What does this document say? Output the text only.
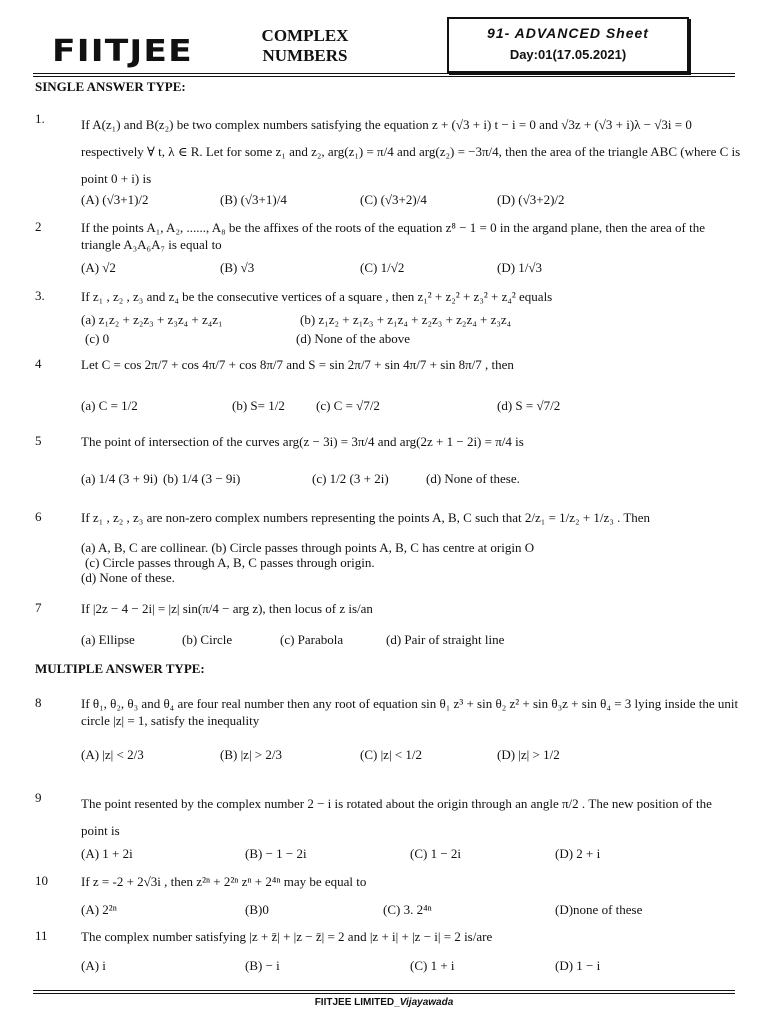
FIITJEE	COMPLEX
NUMBERS
91- ADVANCED Sheet
Day:01(17.05.2021)
SINGLE ANSWER TYPE:
1.	If A(z₁) and B(z₂) be two complex numbers satisfying the equation z + (√3 + i) t − i = 0 and √3z + (√3 + i)λ − √3i = 0 respectively ∀ t, λ ∈ R. Let for some z₁ and z₂, arg(z₁) = π/4 and arg(z₂) = −3π/4, then the area of the triangle ABC (where C is point 0 + i) is
(A) (√3+1)/2	(B) (√3+1)/4	(C) (√3+2)/4	(D) (√3+2)/2
2	If the points A₁, A₂, ......, A₈ be the affixes of the roots of the equation z⁸ − 1 = 0 in the argand plane, then the area of the triangle A₃A₆A₇ is equal to
(A) √2	(B) √3	(C) 1/√2	(D) 1/√3
3.	If z₁ , z₂ , z₃ and z₄ be the consecutive vertices of a square , then z₁² + z₂² + z₃² + z₄² equals
(a) z₁z₂ + z₂z₃ + z₃z₄ + z₄z₁	(b) z₁z₂ + z₁z₃ + z₁z₄ + z₂z₃ + z₂z₄ + z₃z₄
(c) 0	(d) None of the above
4	Let C = cos 2π/7 + cos 4π/7 + cos 8π/7 and S = sin 2π/7 + sin 4π/7 + sin 8π/7 , then
(a) C = 1/2	(b) S= 1/2 (c) C = √7/2	(d) S = √7/2
5	The point of intersection of the curves arg(z − 3i) = 3π/4 and arg(2z + 1 − 2i) = π/4 is
(a) 1/4 (3 + 9i) (b) 1/4 (3 − 9i)	(c) 1/2 (3 + 2i)	(d) None of these.
6	If z₁ , z₂ , z₃ are non-zero complex numbers representing the points A, B, C such that 2/z₁ = 1/z₂ + 1/z₃ . Then
(a) A, B, C are collinear. (b) Circle passes through points A, B, C has centre at origin O
(c) Circle passes through A, B, C passes through origin.
(d) None of these.
7	If |2z − 4 − 2i| = |z| sin(π/4 − arg z), then locus of z is/an
(a) Ellipse	(b) Circle	(c) Parabola	(d) Pair of straight line
MULTIPLE ANSWER TYPE:
8	If θ₁, θ₂, θ₃ and θ₄ are four real number then any root of equation sin θ₁ z³ + sin θ₂ z² + sin θ₃z + sin θ₄ = 3 lying inside the unit circle |z| = 1, satisfy the inequality
(A) |z| < 2/3	(B) |z| > 2/3	(C) |z| < 1/2	(D) |z| > 1/2
9	The point resented by the complex number 2 − i is rotated about the origin through an angle π/2 . The new position of the point is
(A) 1 + 2i	(B) − 1 − 2i	(C) 1 − 2i	(D) 2 + i
10	If z = -2 + 2√3i , then z²ⁿ + 2²ⁿ zⁿ + 2⁴ⁿ may be equal to
(A) 2²ⁿ	(B)0	(C) 3. 2⁴ⁿ	(D)none of these
11	The complex number satisfying |z + z̄| + |z − z̄| = 2 and |z + i| + |z − i| = 2 is/are
(A) i	(B) − i	(C) 1 + i	(D) 1 − i
FIITJEE LIMITED_Vijayawada
